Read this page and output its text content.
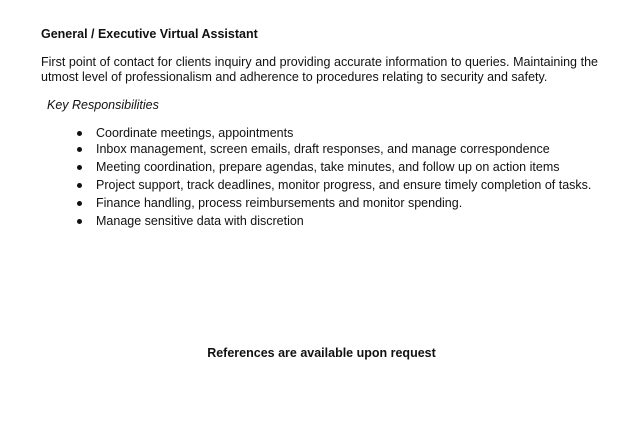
General / Executive Virtual Assistant
First point of contact for clients inquiry and providing accurate information to queries. Maintaining the utmost level of professionalism and adherence to procedures relating to security and safety.
Key Responsibilities
Coordinate meetings, appointments
Inbox management, screen emails, draft responses, and manage correspondence
Meeting coordination, prepare agendas, take minutes, and follow up on action items
Project support, track deadlines, monitor progress, and ensure timely completion of tasks.
Finance handling, process reimbursements and monitor spending.
Manage sensitive data with discretion
References are available upon request
